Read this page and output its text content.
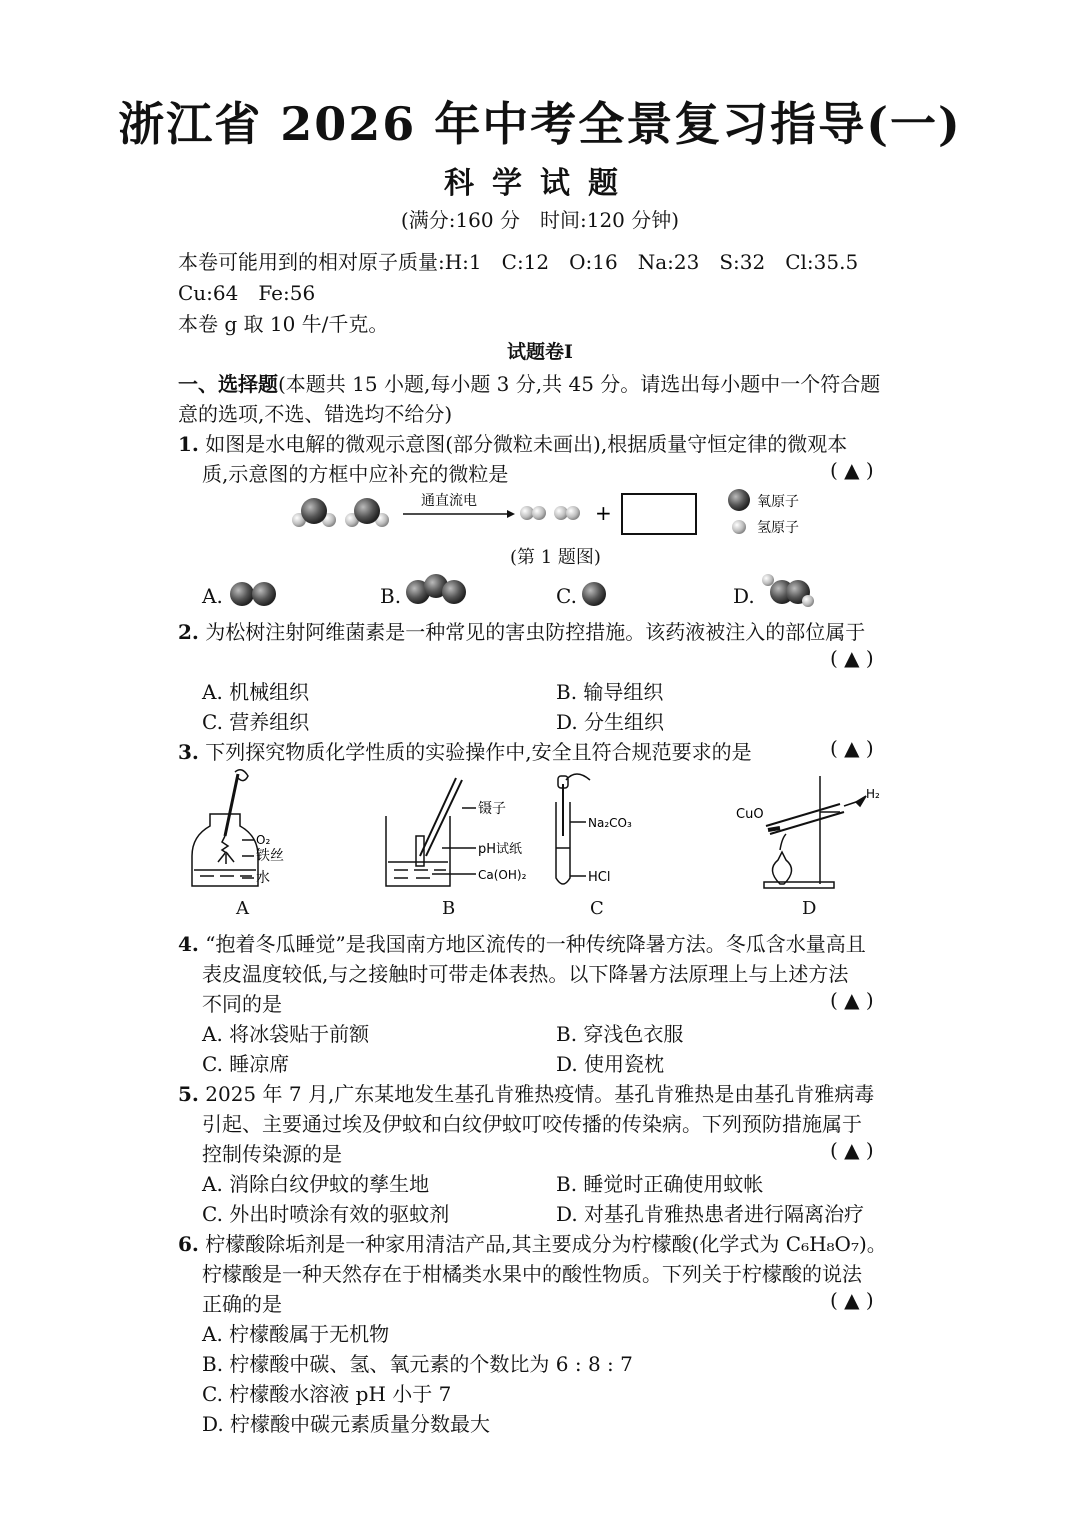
浙江省 2026 年中考全景复习指导(一)
科学试题
(满分:160 分　时间:120 分钟)
本卷可能用到的相对原子质量:H:1　C:12　O:16　Na:23　S:32　Cl:35.5
Cu:64　Fe:56
本卷 g 取 10 牛/千克。
试题卷Ⅰ
一、选择题(本题共 15 小题,每小题 3 分,共 45 分。请选出每小题中一个符合题
意的选项,不选、错选均不给分)
1. 如图是水电解的微观示意图(部分微粒未画出),根据质量守恒定律的微观本
质,示意图的方框中应补充的微粒是	( ▲ )
通直流电	+	氧原子
氢原子
(第 1 题图)
A.	B.	C.	D.
2. 为松树注射阿维菌素是一种常见的害虫防控措施。该药液被注入的部位属于
( ▲ )
A. 机械组织	B. 输导组织
C. 营养组织	D. 分生组织
3. 下列探究物质化学性质的实验操作中,安全且符合规范要求的是	( ▲ )
O₂
铁丝
水
镊子
pH试纸
Ca(OH)₂
Na₂CO₃
HCl
CuO
H₂
A	B	C	D
4. “抱着冬瓜睡觉”是我国南方地区流传的一种传统降暑方法。冬瓜含水量高且
表皮温度较低,与之接触时可带走体表热。以下降暑方法原理上与上述方法
不同的是	( ▲ )
A. 将冰袋贴于前额	B. 穿浅色衣服
C. 睡凉席	D. 使用瓷枕
5. 2025 年 7 月,广东某地发生基孔肯雅热疫情。基孔肯雅热是由基孔肯雅病毒
引起、主要通过埃及伊蚊和白纹伊蚊叮咬传播的传染病。下列预防措施属于
控制传染源的是	( ▲ )
A. 消除白纹伊蚊的孳生地	B. 睡觉时正确使用蚊帐
C. 外出时喷涂有效的驱蚊剂	D. 对基孔肯雅热患者进行隔离治疗
6. 柠檬酸除垢剂是一种家用清洁产品,其主要成分为柠檬酸(化学式为 C₆H₈O₇)。
柠檬酸是一种天然存在于柑橘类水果中的酸性物质。下列关于柠檬酸的说法
正确的是	( ▲ )
A. 柠檬酸属于无机物
B. 柠檬酸中碳、氢、氧元素的个数比为 6 : 8 : 7
C. 柠檬酸水溶液 pH 小于 7
D. 柠檬酸中碳元素质量分数最大
